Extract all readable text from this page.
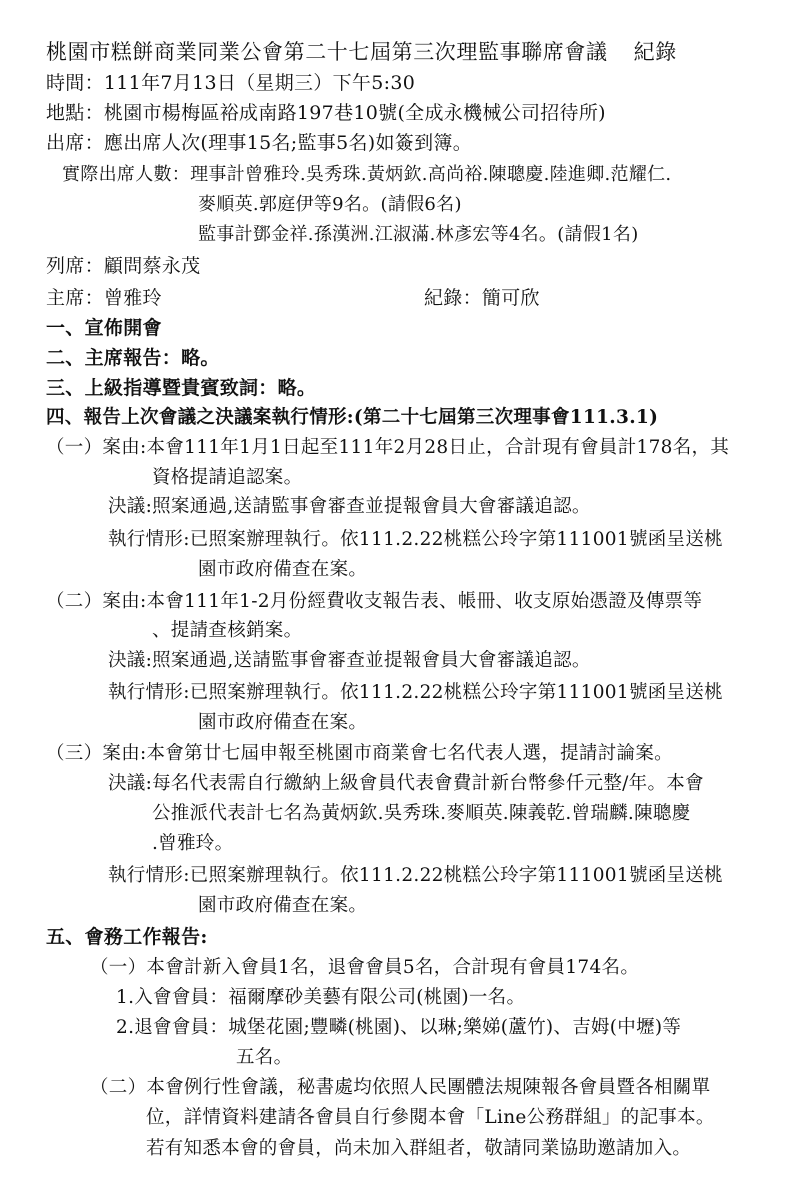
桃園市糕餅商業同業公會第二十七屆第三次理監事聯席會議 紀錄
時間：111年7月13日（星期三）下午5:30
地點：桃園市楊梅區裕成南路197巷10號(全成永機械公司招待所)
出席：應出席人次(理事15名;監事5名)如簽到簿。
實際出席人數：理事計曾雅玲.吳秀珠.黃炳欽.高尚裕.陳聰慶.陸進卿.范耀仁.
麥順英.郭庭伊等9名。(請假6名)
監事計鄧金祥.孫漢洲.江淑滿.林彥宏等4名。(請假1名)
列席：顧問蔡永茂
主席：曾雅玲	紀錄：簡可欣
一、宣佈開會
二、主席報告：略。
三、上級指導暨貴賓致詞：略。
四、報告上次會議之決議案執行情形:(第二十七屆第三次理事會111.3.1)
（一）案由:本會111年1月1日起至111年2月28日止，合計現有會員計178名，其
資格提請追認案。
決議:照案通過,送請監事會審查並提報會員大會審議追認。
執行情形:已照案辦理執行。依111.2.22桃糕公玲字第111001號函呈送桃
園市政府備查在案。
（二）案由:本會111年1-2月份經費收支報告表、帳冊、收支原始憑證及傳票等
、提請查核銷案。
決議:照案通過,送請監事會審查並提報會員大會審議追認。
執行情形:已照案辦理執行。依111.2.22桃糕公玲字第111001號函呈送桃
園市政府備查在案。
（三）案由:本會第廿七屆申報至桃園市商業會七名代表人選，提請討論案。
決議:每名代表需自行繳納上級會員代表會費計新台幣參仟元整/年。本會
公推派代表計七名為黃炳欽.吳秀珠.麥順英.陳義乾.曾瑞麟.陳聰慶
.曾雅玲。
執行情形:已照案辦理執行。依111.2.22桃糕公玲字第111001號函呈送桃
園市政府備查在案。
五、會務工作報告:
（一）本會計新入會員1名，退會會員5名，合計現有會員174名。
1.入會會員：福爾摩砂美藝有限公司(桃園)一名。
2.退會會員：城堡花園;豐疄(桃園)、以琳;樂娣(蘆竹)、吉姆(中壢)等
五名。
（二）本會例行性會議，秘書處均依照人民團體法規陳報各會員暨各相關單
位，詳情資料建請各會員自行參閱本會「Line公務群組」的記事本。
若有知悉本會的會員，尚未加入群組者，敬請同業協助邀請加入。
